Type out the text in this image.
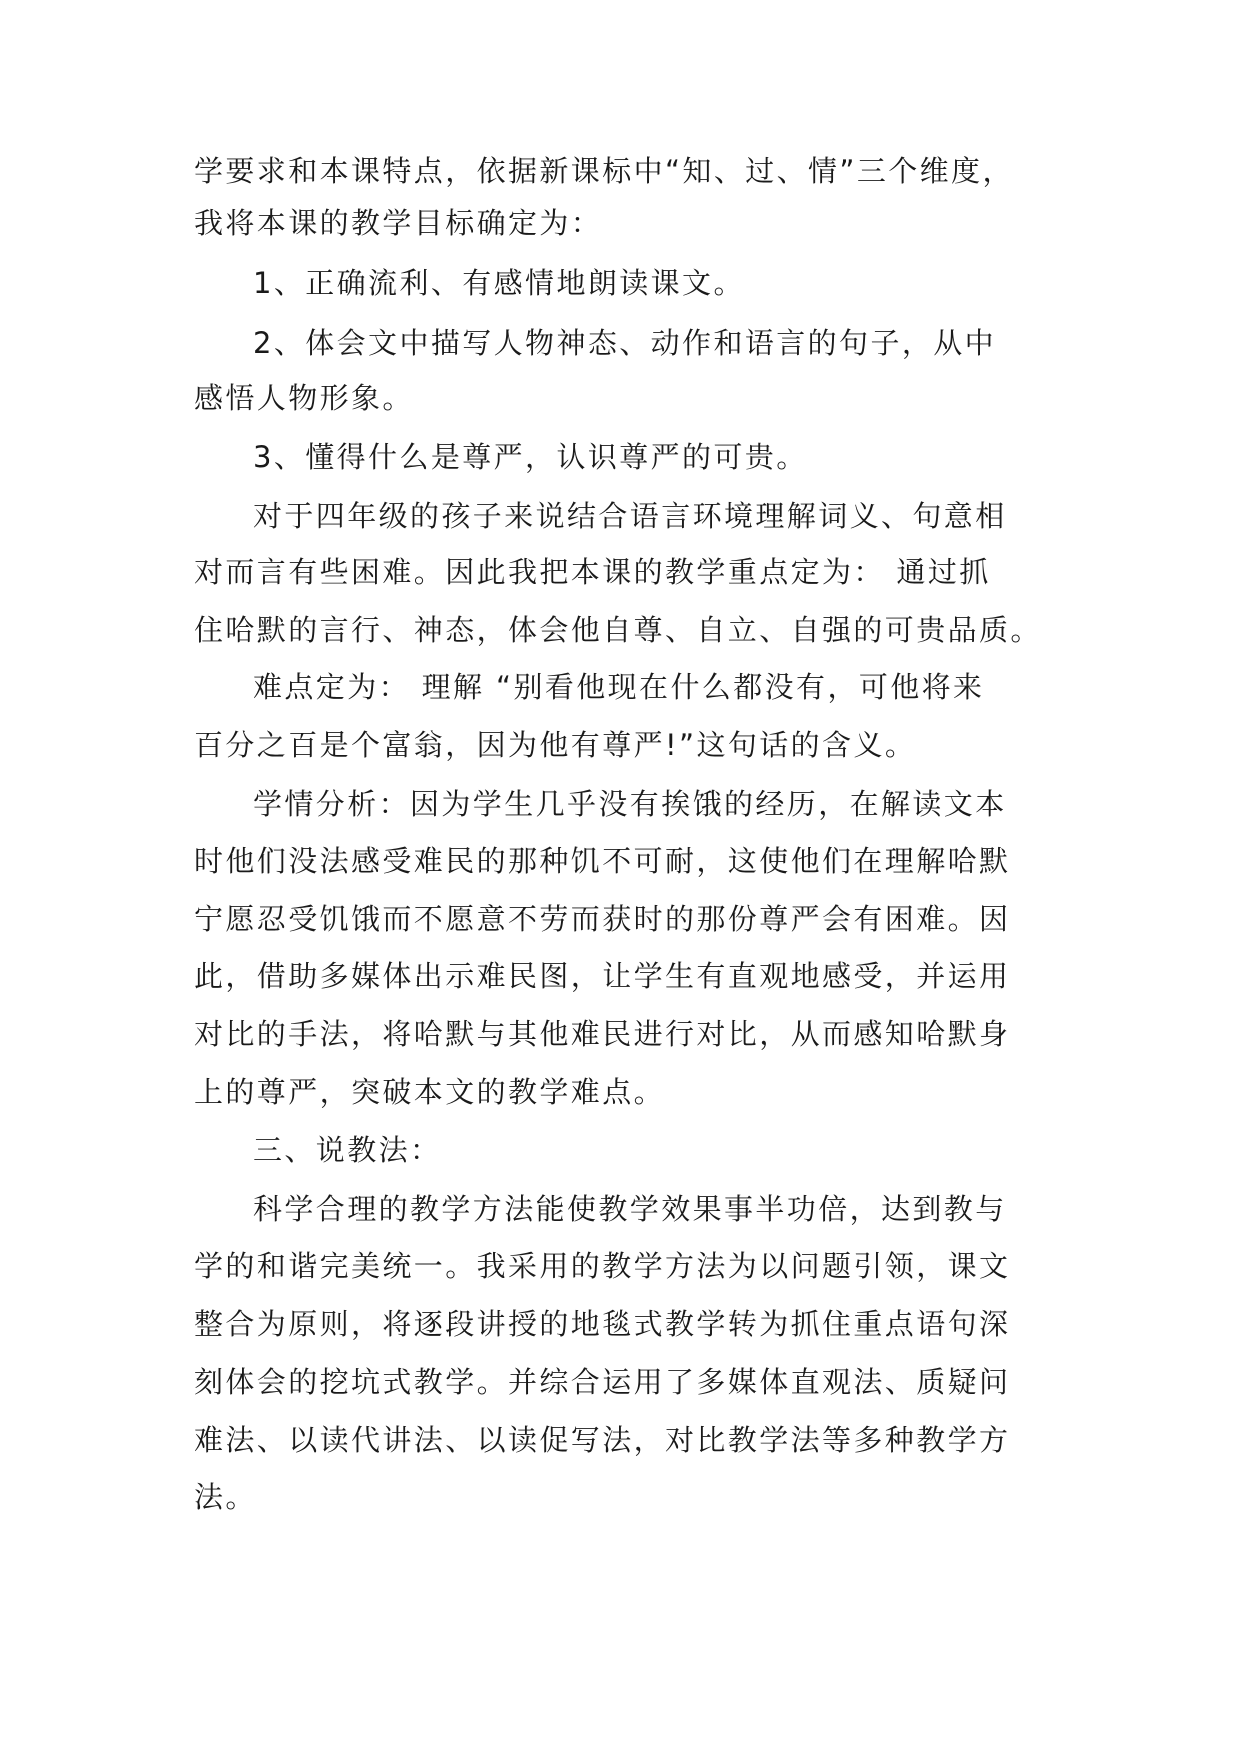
学要求和本课特点，依据新课标中“知、过、情”三个维度，
我将本课的教学目标确定为：
1、正确流利、有感情地朗读课文。
2、体会文中描写人物神态、动作和语言的句子，从中
感悟人物形象。
3、懂得什么是尊严，认识尊严的可贵。
对于四年级的孩子来说结合语言环境理解词义、句意相
对而言有些困难。因此我把本课的教学重点定为： 通过抓
住哈默的言行、神态，体会他自尊、自立、自强的可贵品质。
难点定为： 理解 “别看他现在什么都没有，可他将来
百分之百是个富翁，因为他有尊严!”这句话的含义。
学情分析：因为学生几乎没有挨饿的经历，在解读文本
时他们没法感受难民的那种饥不可耐，这使他们在理解哈默
宁愿忍受饥饿而不愿意不劳而获时的那份尊严会有困难。因
此，借助多媒体出示难民图，让学生有直观地感受，并运用
对比的手法，将哈默与其他难民进行对比，从而感知哈默身
上的尊严，突破本文的教学难点。
三、说教法：
科学合理的教学方法能使教学效果事半功倍，达到教与
学的和谐完美统一。我采用的教学方法为以问题引领，课文
整合为原则，将逐段讲授的地毯式教学转为抓住重点语句深
刻体会的挖坑式教学。并综合运用了多媒体直观法、质疑问
难法、以读代讲法、以读促写法，对比教学法等多种教学方
法。
